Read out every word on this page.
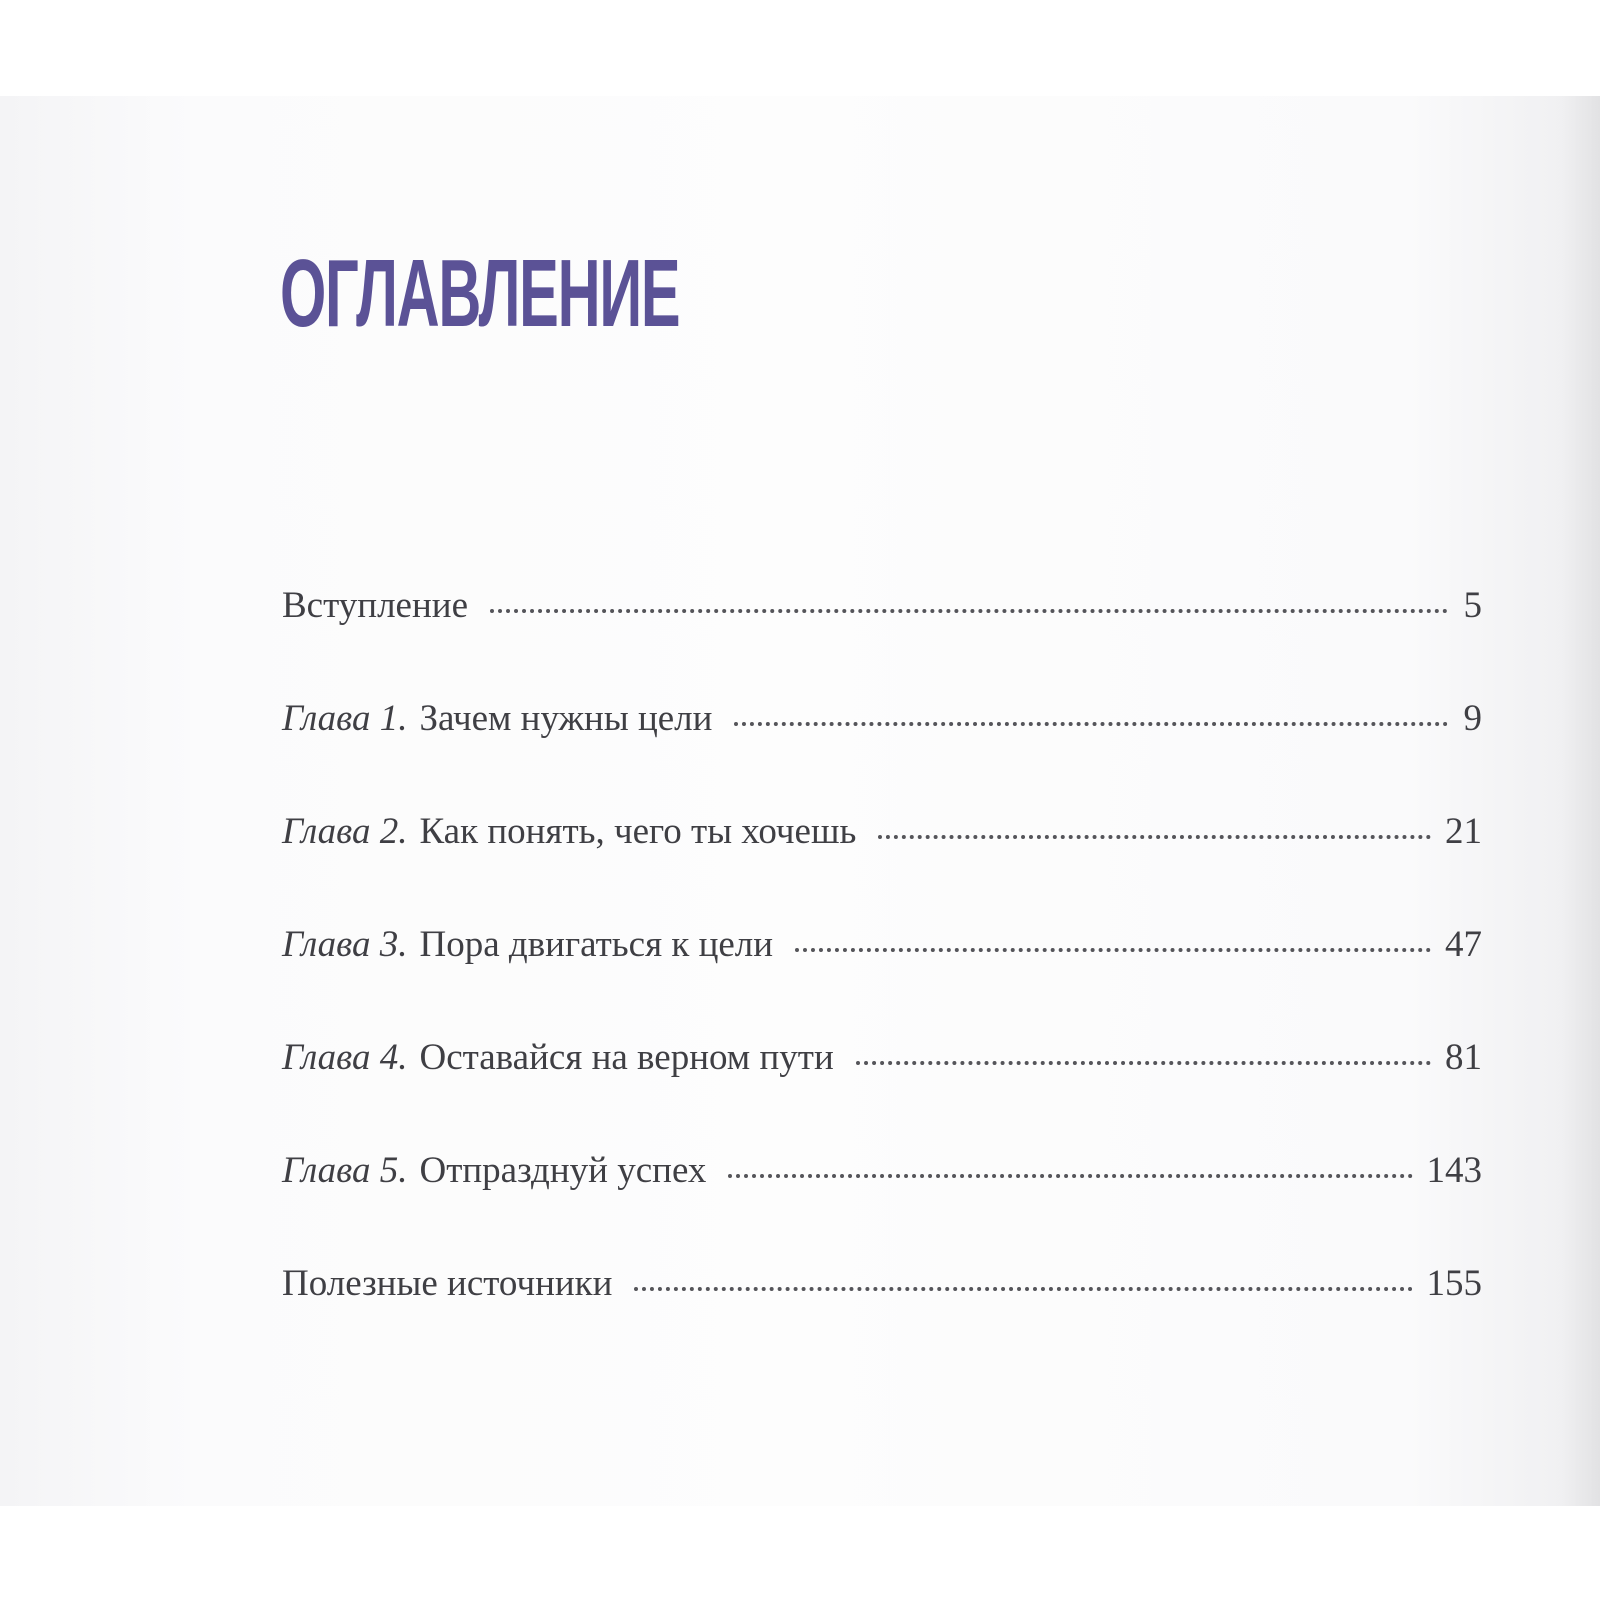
ОГЛАВЛЕНИЕ
Вступление	5
Глава 1. Зачем нужны цели	9
Глава 2. Как понять, чего ты хочешь	21
Глава 3. Пора двигаться к цели	47
Глава 4. Оставайся на верном пути	81
Глава 5. Отпразднуй успех	143
Полезные источники	155
